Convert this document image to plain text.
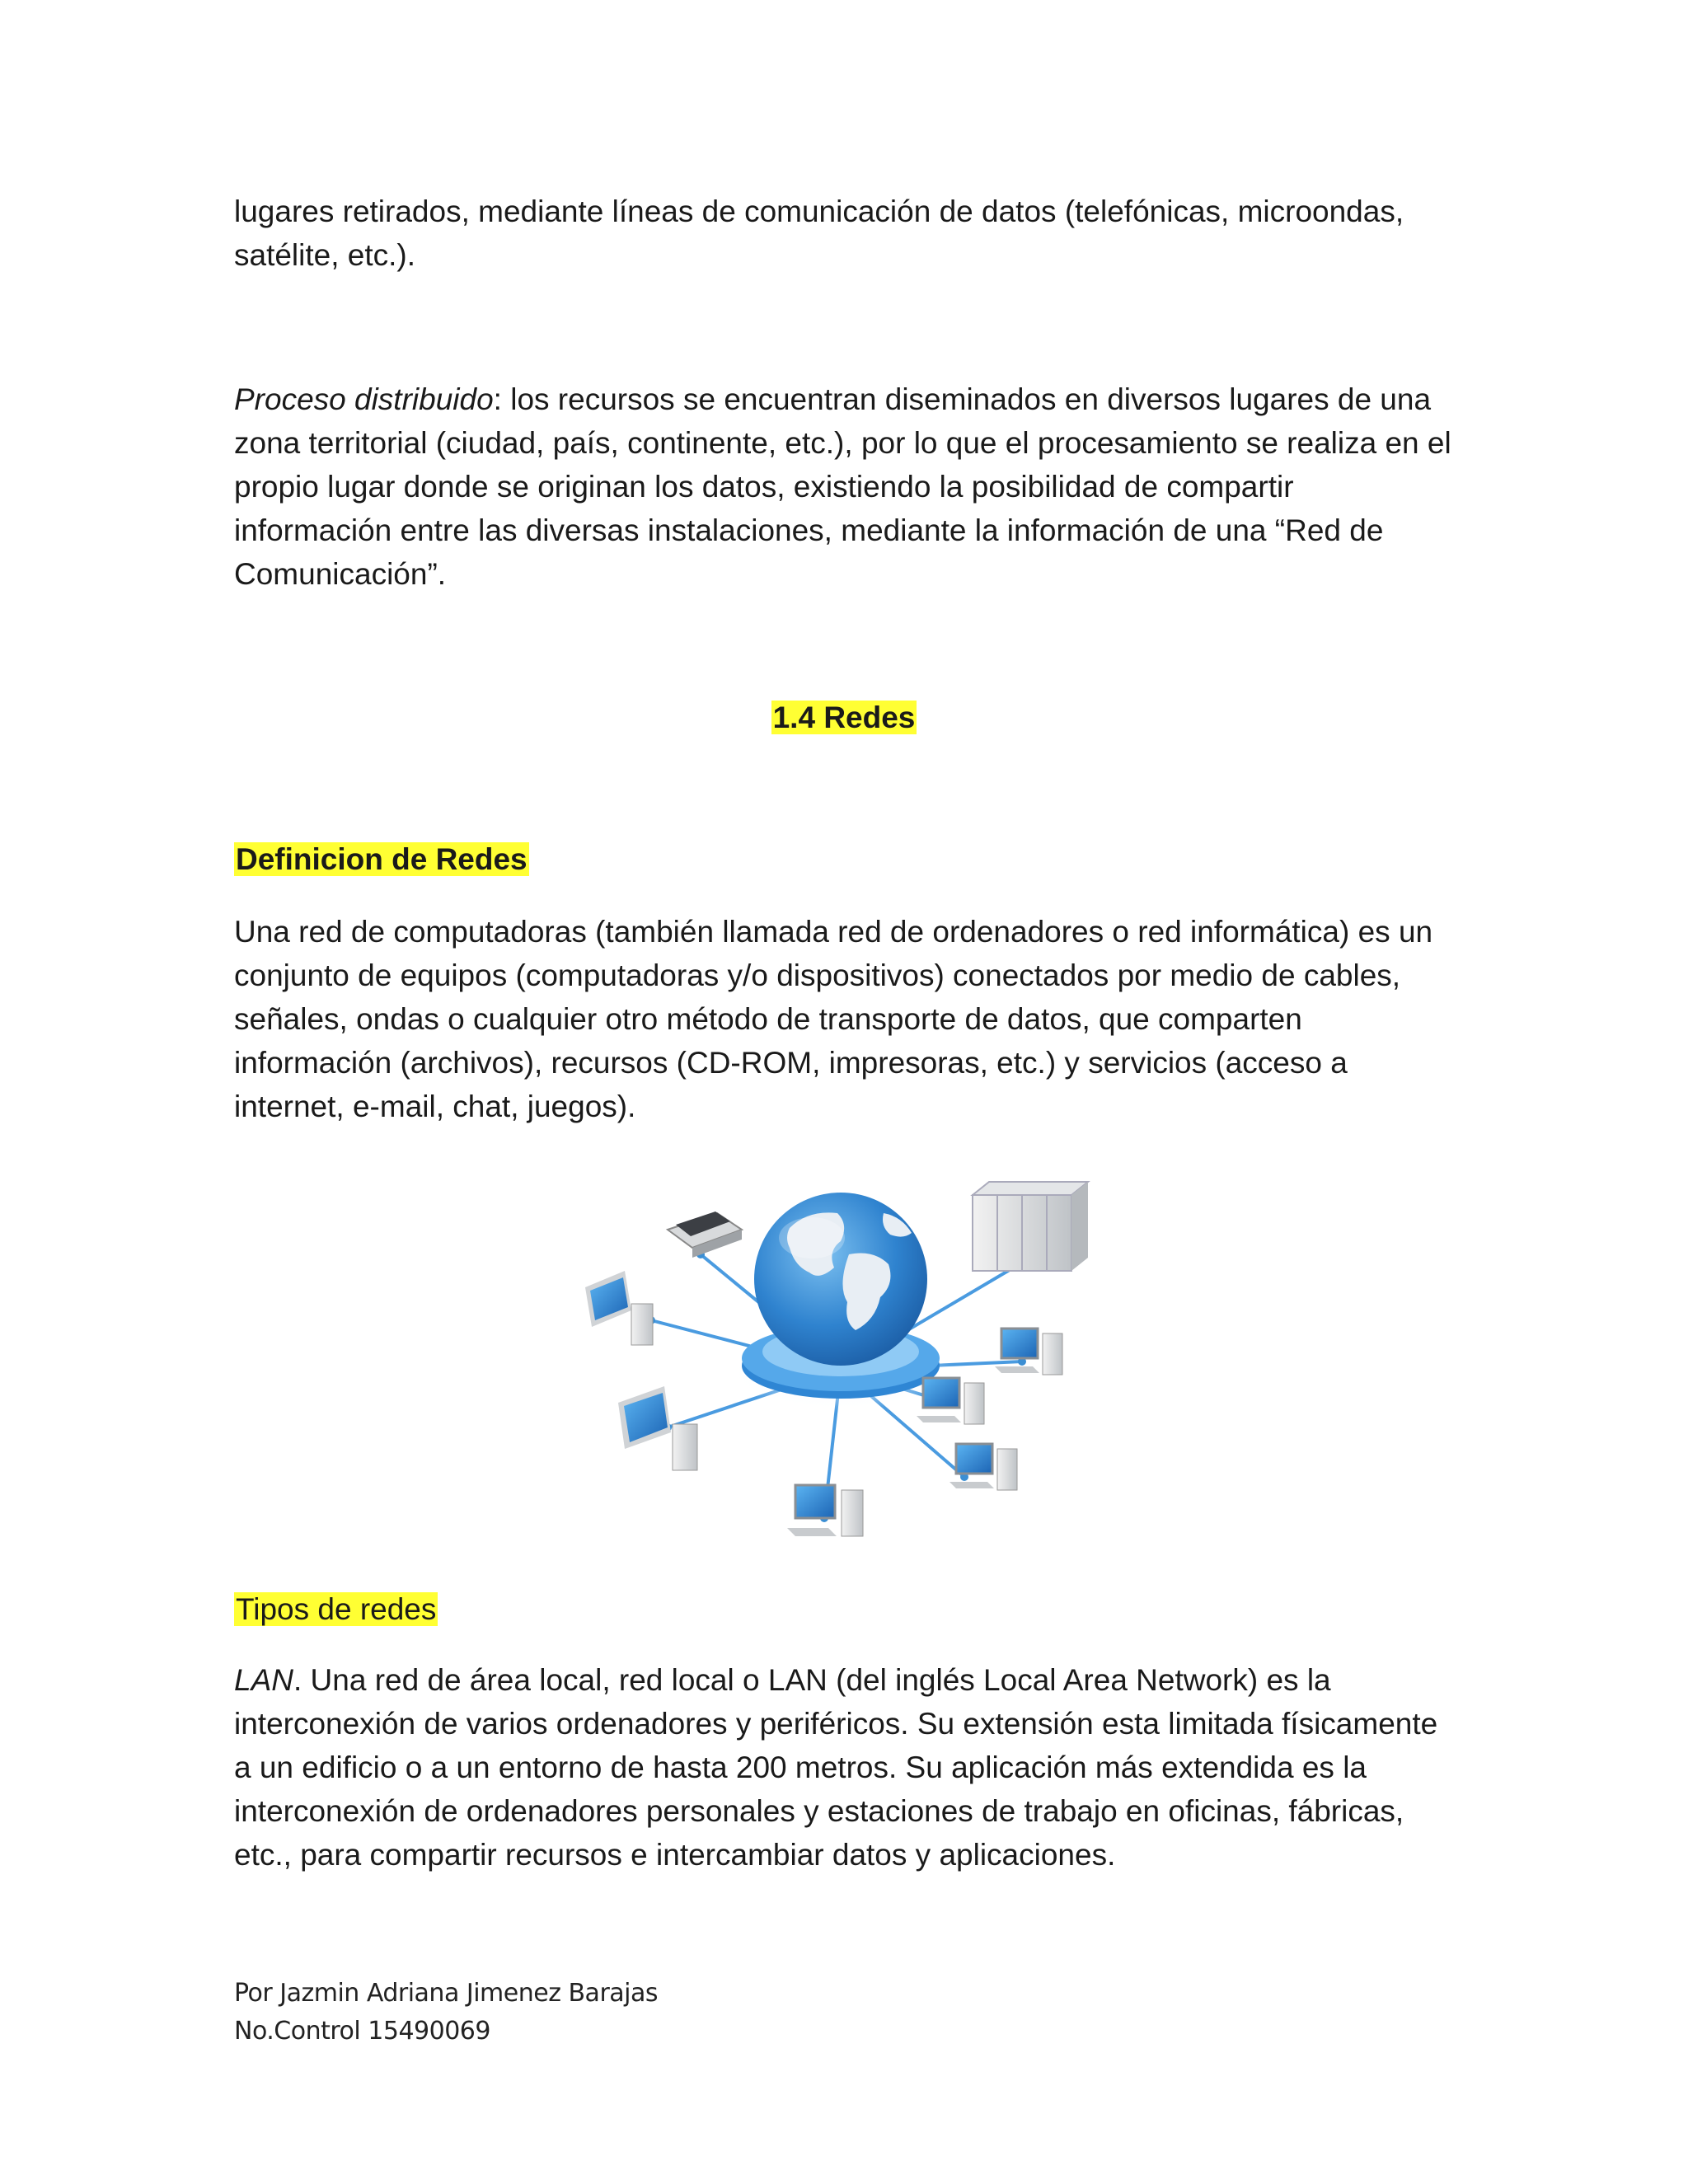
lugares retirados, mediante líneas de comunicación de datos (telefónicas, microondas, satélite, etc.).

Proceso distribuido: los recursos se encuentran diseminados en diversos lugares de una zona territorial (ciudad, país, continente, etc.), por lo que el procesamiento se realiza en el propio lugar donde se originan los datos, existiendo la posibilidad de compartir información entre las diversas instalaciones, mediante la información de una “Red de Comunicación”.

1.4 Redes
Definicion de Redes

Una red de computadoras (también llamada red de ordenadores o red informática) es un conjunto de equipos (computadoras y/o dispositivos) conectados por medio de cables, señales, ondas o cualquier otro método de transporte de datos, que comparten información (archivos), recursos (CD-ROM, impresoras, etc.) y servicios (acceso a internet, e-mail, chat, juegos).

Tipos de redes

LAN. Una red de área local, red local o LAN (del inglés Local Area Network) es la interconexión de varios ordenadores y periféricos. Su extensión esta limitada físicamente a un edificio o a un entorno de hasta 200 metros. Su aplicación más extendida es la interconexión de ordenadores personales y estaciones de trabajo en oficinas, fábricas, etc., para compartir recursos e intercambiar datos y aplicaciones.

Por Jazmin Adriana Jimenez Barajas
No.Control 15490069
